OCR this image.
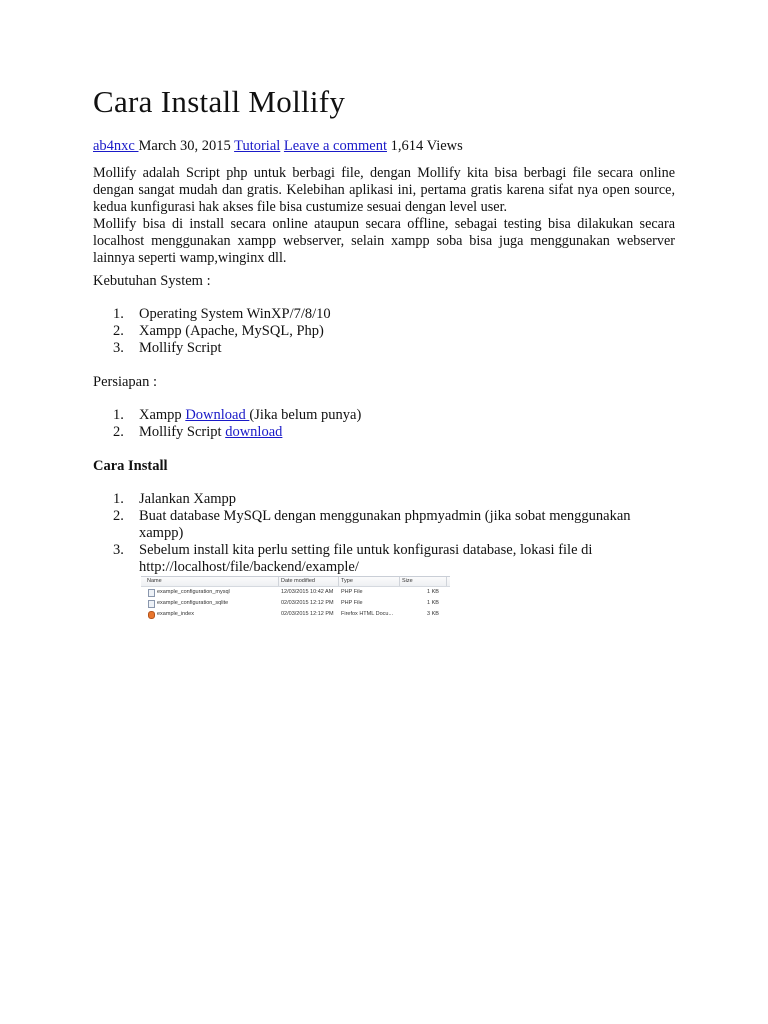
Cara Install Mollify
ab4nxc March 30, 2015 Tutorial Leave a comment 1,614 Views

Mollify adalah Script php untuk berbagi file, dengan Mollify kita bisa berbagi file secara online dengan sangat mudah dan gratis. Kelebihan aplikasi ini, pertama gratis karena sifat nya open source, kedua kunfigurasi hak akses file bisa custumize sesuai dengan level user.

Mollify bisa di install secara online ataupun secara offline, sebagai testing bisa dilakukan secara localhost menggunakan xampp webserver, selain xampp soba bisa juga menggunakan webserver lainnya seperti wamp,winginx dll.

Kebutuhan System :
1. Operating System WinXP/7/8/10
2. Xampp (Apache, MySQL, Php)
3. Mollify Script
Persiapan :
1. Xampp Download (Jika belum punya)
2. Mollify Script download
Cara Install
1. Jalankan Xampp
2. Buat database MySQL dengan menggunakan phpmyadmin (jika sobat menggunakan xampp)
3. Sebelum install kita perlu setting file untuk konfigurasi database, lokasi file di http://localhost/file/backend/example/
Name	Date modified	Type	Size
example_configuration_mysql	12/03/2015 10:42 AM PHP File	1 KB
example_configuration_sqlite	02/03/2015 12:12 PM PHP File	1 KB
example_index	02/03/2015 12:12 PM Firefox HTML Docu...	3 KB
